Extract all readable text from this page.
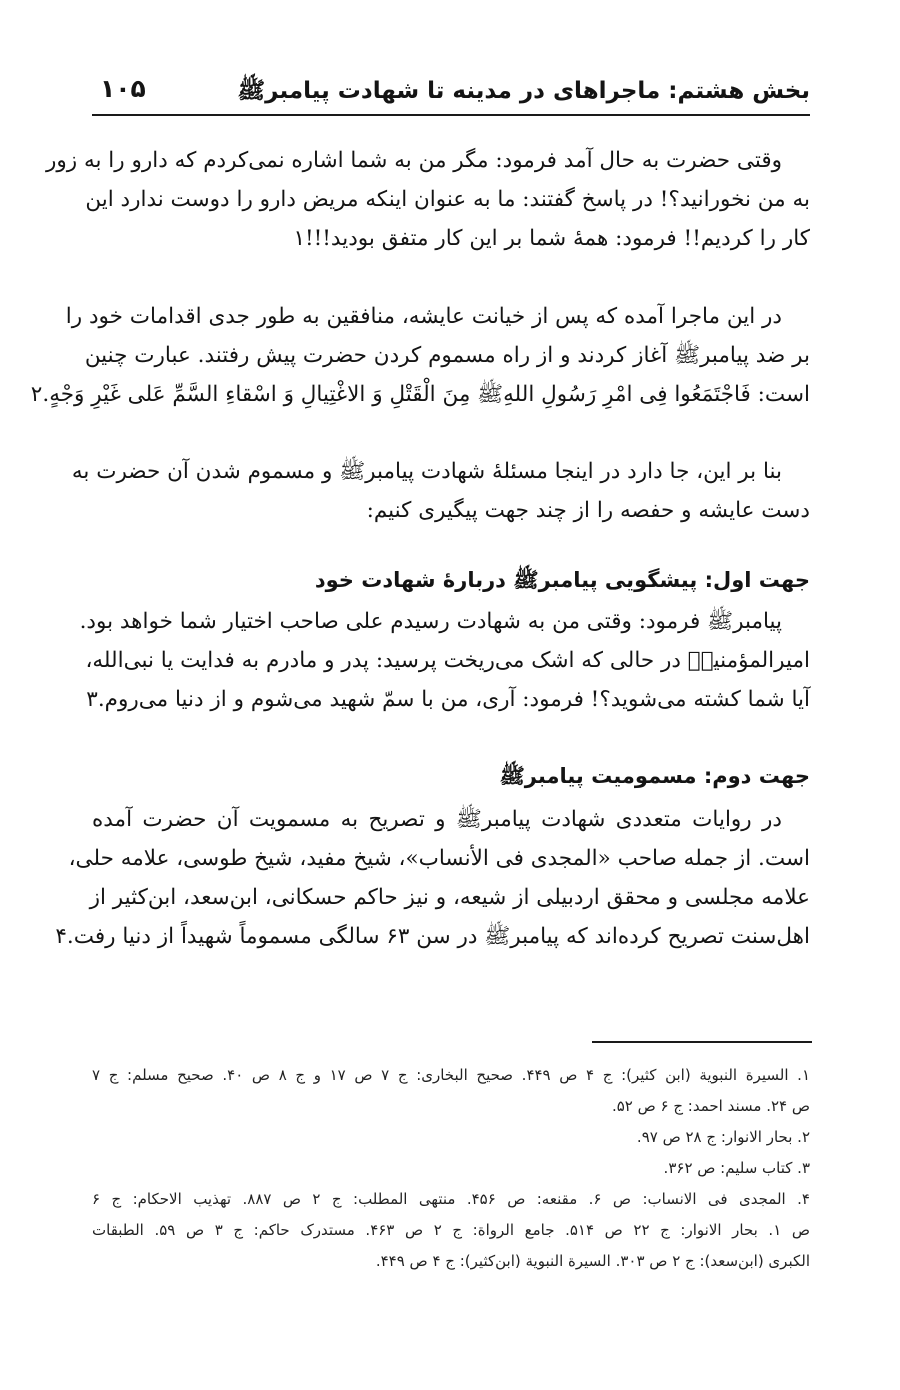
بخش هشتم: ماجراهای در مدینه تا شهادت پیامبرﷺ
۱۰۵
وقتی حضرت به حال آمد فرمود: مگر من به شما اشاره نمی‌کردم که دارو را به زور
به من نخورانید؟! در پاسخ گفتند: ما به عنوان اینکه مریض دارو را دوست ندارد این
کار را کردیم!! فرمود: همۀ شما بر این کار متفق بودید!!!۱
در این ماجرا آمده که پس از خیانت عایشه، منافقین به طور جدی اقدامات خود را
بر ضد پیامبرﷺ آغاز کردند و از راه مسموم کردن حضرت پیش رفتند. عبارت چنین
است: فَاجْتَمَعُوا فِی امْرِ رَسُولِ اللهِﷺ مِنَ الْقَتْلِ وَ الاغْتِیالِ وَ اسْقاءِ السَّمِّ عَلی غَیْرِ وَجْهٍ.۲
بنا بر این، جا دارد در اینجا مسئلۀ شهادت پیامبرﷺ و مسموم شدن آن حضرت به
دست عایشه و حفصه را از چند جهت پیگیری کنیم:
جهت اول: پیشگویی پیامبرﷺ دربارۀ شهادت خود
پیامبرﷺ فرمود: وقتی من به شهادت رسیدم علی صاحب اختیار شما خواهد بود.
امیرالمؤمنینؑ در حالی که اشک می‌ریخت پرسید: پدر و مادرم به فدایت یا نبی‌الله،
آیا شما کشته می‌شوید؟! فرمود: آری، من با سمّ شهید می‌شوم و از دنیا می‌روم.۳
جهت دوم: مسمومیت پیامبرﷺ
در روایات متعددی شهادت پیامبرﷺ و تصریح به مسمویت آن حضرت آمده
است. از جمله صاحب «المجدی فی الأنساب»، شیخ مفید، شیخ طوسی، علامه حلی،
علامه مجلسی و محقق اردبیلی از شیعه، و نیز حاکم حسکانی، ابن‌سعد، ابن‌کثیر از
اهل‌سنت تصریح کرده‌اند که پیامبرﷺ در سن ۶۳ سالگی مسموماً شهیداً از دنیا رفت.۴
۱. السیرة النبویة (ابن کثیر): ج ۴ ص ۴۴۹. صحیح البخاری: ج ۷ ص ۱۷ و ج ۸ ص ۴۰. صحیح مسلم: ج ۷
ص ۲۴. مسند احمد: ج ۶ ص ۵۲.
۲. بحار الانوار: ج ۲۸ ص ۹۷.
۳. کتاب سلیم: ص ۳۶۲.
۴. المجدی فی الانساب: ص ۶. مقنعه: ص ۴۵۶. منتهی المطلب: ج ۲ ص ۸۸۷. تهذیب الاحکام: ج ۶
ص ۱. بحار الانوار: ج ۲۲ ص ۵۱۴. جامع الرواة: ج ۲ ص ۴۶۳. مستدرک حاکم: ج ۳ ص ۵۹. الطبقات
الکبری (ابن‌سعد): ج ۲ ص ۳۰۳. السیرة النبویة (ابن‌کثیر): ج ۴ ص ۴۴۹.
